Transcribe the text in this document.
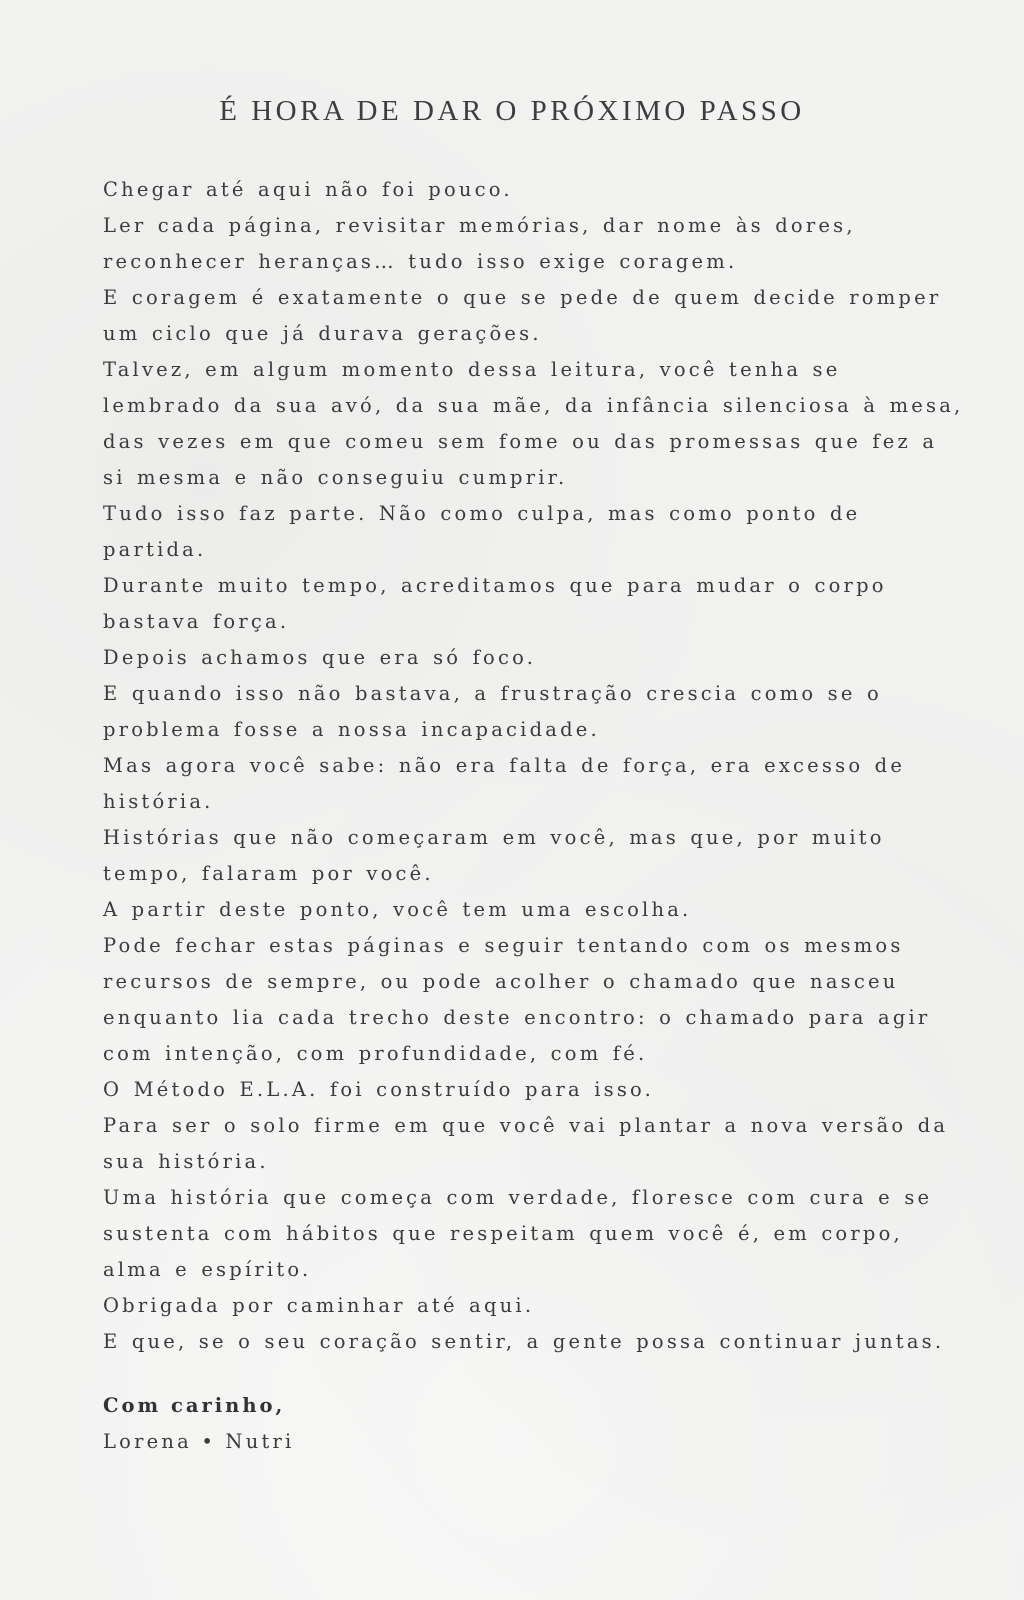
É HORA DE DAR O PRÓXIMO PASSO
Chegar até aqui não foi pouco.
Ler cada página, revisitar memórias, dar nome às dores,
reconhecer heranças… tudo isso exige coragem.
E coragem é exatamente o que se pede de quem decide romper
um ciclo que já durava gerações.
Talvez, em algum momento dessa leitura, você tenha se
lembrado da sua avó, da sua mãe, da infância silenciosa à mesa,
das vezes em que comeu sem fome ou das promessas que fez a
si mesma e não conseguiu cumprir.
Tudo isso faz parte. Não como culpa, mas como ponto de
partida.
Durante muito tempo, acreditamos que para mudar o corpo
bastava força.
Depois achamos que era só foco.
E quando isso não bastava, a frustração crescia como se o
problema fosse a nossa incapacidade.
Mas agora você sabe: não era falta de força, era excesso de
história.
Histórias que não começaram em você, mas que, por muito
tempo, falaram por você.
A partir deste ponto, você tem uma escolha.
Pode fechar estas páginas e seguir tentando com os mesmos
recursos de sempre, ou pode acolher o chamado que nasceu
enquanto lia cada trecho deste encontro: o chamado para agir
com intenção, com profundidade, com fé.
O Método E.L.A. foi construído para isso.
Para ser o solo firme em que você vai plantar a nova versão da
sua história.
Uma história que começa com verdade, floresce com cura e se
sustenta com hábitos que respeitam quem você é, em corpo,
alma e espírito.
Obrigada por caminhar até aqui.
E que, se o seu coração sentir, a gente possa continuar juntas.
Com carinho,
Lorena • Nutri
